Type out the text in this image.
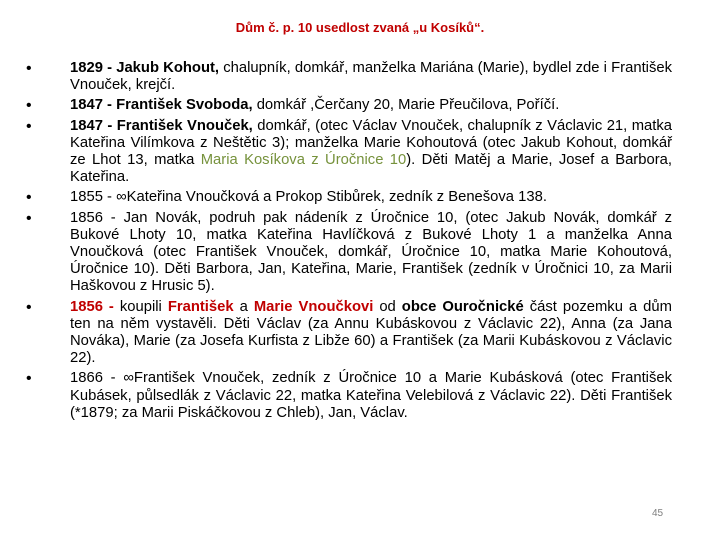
Dům č. p. 10 usedlost zvaná „u Kosíků“.
• 1829 - Jakub Kohout, chalupník, domkář, manželka Mariána (Marie), bydlel zde i František Vnouček, krejčí.
• 1847 - František Svoboda, domkář ,Čerčany 20, Marie Přeučilova, Poříčí.
• 1847 - František Vnouček, domkář, (otec Václav Vnouček, chalupník z Václavic 21, matka Kateřina Vilímkova z Neštětic 3); manželka Marie Kohoutová (otec Jakub Kohout, domkář ze Lhot 13, matka Maria Kosíkova z Úročnice 10). Děti Matěj a Marie, Josef a Barbora, Kateřina.
• 1855 - ∞Kateřina Vnoučková a Prokop Stibůrek, zedník z Benešova 138.
• 1856 - Jan Novák, podruh pak nádeník z Úročnice 10, (otec Jakub Novák, domkář z Bukové Lhoty 10, matka Kateřina Havlíčková z Bukové Lhoty 1 a manželka Anna Vnoučková (otec František Vnouček, domkář, Úročnice 10, matka Marie Kohoutová, Úročnice 10). Děti Barbora, Jan, Kateřina, Marie, František (zedník v Úročnici 10, za Marii Haškovou z Hrusic 5).
• 1856 - koupili František a Marie Vnoučkovi od obce Ouročnické část pozemku a dům ten na něm vystavěli. Děti Václav (za Annu Kubáskovou z Václavic 22), Anna (za Jana Nováka), Marie (za Josefa Kurfista z Libže 60) a František (za Marii Kubáskovou z Václavic 22).
• 1866 - ∞František Vnouček, zedník z Úročnice 10 a Marie Kubásková (otec František Kubásek, půlsedlák z Václavic 22, matka Kateřina Velebilová z Václavic 22). Děti František (*1879; za Marii Piskáčkovou z Chleb), Jan, Václav.
45
